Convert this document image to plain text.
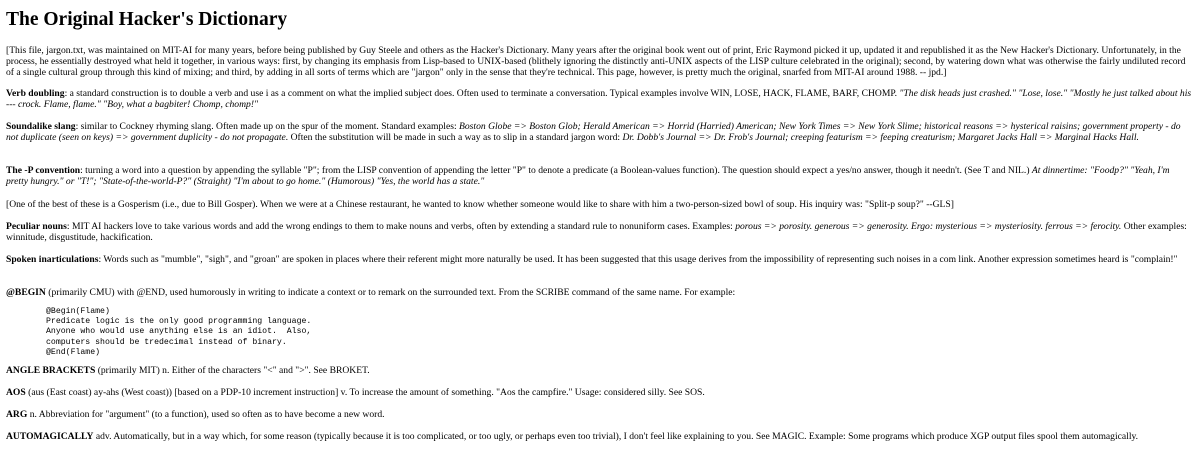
The Original Hacker's Dictionary

[This file, jargon.txt, was maintained on MIT-AI for many years, before being published by Guy Steele and others as the Hacker's Dictionary. Many years after the original book went out of print, Eric Raymond picked it up, updated it and republished it as the New Hacker's Dictionary. Unfortunately, in the process, he essentially destroyed what held it together, in various ways: first, by changing its emphasis from Lisp-based to UNIX-based (blithely ignoring the distinctly anti-UNIX aspects of the LISP culture celebrated in the original); second, by watering down what was otherwise the fairly undiluted record of a single cultural group through this kind of mixing; and third, by adding in all sorts of terms which are "jargon" only in the sense that they're technical. This page, however, is pretty much the original, snarfed from MIT-AI around 1988. -- jpd.]

Verb doubling: a standard construction is to double a verb and use i as a comment on what the implied subject does. Often used to terminate a conversation. Typical examples involve WIN, LOSE, HACK, FLAME, BARF, CHOMP. "The disk heads just crashed." "Lose, lose." "Mostly he just talked about his --- crock. Flame, flame." "Boy, what a bagbiter! Chomp, chomp!"

Soundalike slang: similar to Cockney rhyming slang. Often made up on the spur of the moment. Standard examples: Boston Globe => Boston Glob; Herald American => Horrid (Harried) American; New York Times => New York Slime; historical reasons => hysterical raisins; government property - do not duplicate (seen on keys) => government duplicity - do not propagate. Often the substitution will be made in such a way as to slip in a standard jargon word: Dr. Dobb's Journal => Dr. Frob's Journal; creeping featurism => feeping creaturism; Margaret Jacks Hall => Marginal Hacks Hall.

The -P convention: turning a word into a question by appending the syllable "P"; from the LISP convention of appending the letter "P" to denote a predicate (a Boolean-values function). The question should expect a yes/no answer, though it needn't. (See T and NIL.) At dinnertime: "Foodp?" "Yeah, I'm pretty hungry." or "T!"; "State-of-the-world-P?" (Straight) "I'm about to go home." (Humorous) "Yes, the world has a state."

[One of the best of these is a Gosperism (i.e., due to Bill Gosper). When we were at a Chinese restaurant, he wanted to know whether someone would like to share with him a two-person-sized bowl of soup. His inquiry was: "Split-p soup?" --GLS]

Peculiar nouns: MIT AI hackers love to take various words and add the wrong endings to them to make nouns and verbs, often by extending a standard rule to nonuniform cases. Examples: porous => porosity. generous => generosity. Ergo: mysterious => mysteriosity. ferrous => ferocity. Other examples: winnitude, disgustitude, hackification.

Spoken inarticulations: Words such as "mumble", "sigh", and "groan" are spoken in places where their referent might more naturally be used. It has been suggested that this usage derives from the impossibility of representing such noises in a com link. Another expression sometimes heard is "complain!"

@BEGIN (primarily CMU) with @END, used humorously in writing to indicate a context or to remark on the surrounded text. From the SCRIBE command of the same name. For example:

@Begin(Flame)
Predicate logic is the only good programming language.
Anyone who would use anything else is an idiot.  Also,
computers should be tredecimal instead of binary.
@End(Flame)

ANGLE BRACKETS (primarily MIT) n. Either of the characters "<" and ">". See BROKET.

AOS (aus (East coast) ay-ahs (West coast)) [based on a PDP-10 increment instruction] v. To increase the amount of something. "Aos the campfire." Usage: considered silly. See SOS.

ARG n. Abbreviation for "argument" (to a function), used so often as to have become a new word.

AUTOMAGICALLY adv. Automatically, but in a way which, for some reason (typically because it is too complicated, or too ugly, or perhaps even too trivial), I don't feel like explaining to you. See MAGIC. Example: Some programs which produce XGP output files spool them automagically.
